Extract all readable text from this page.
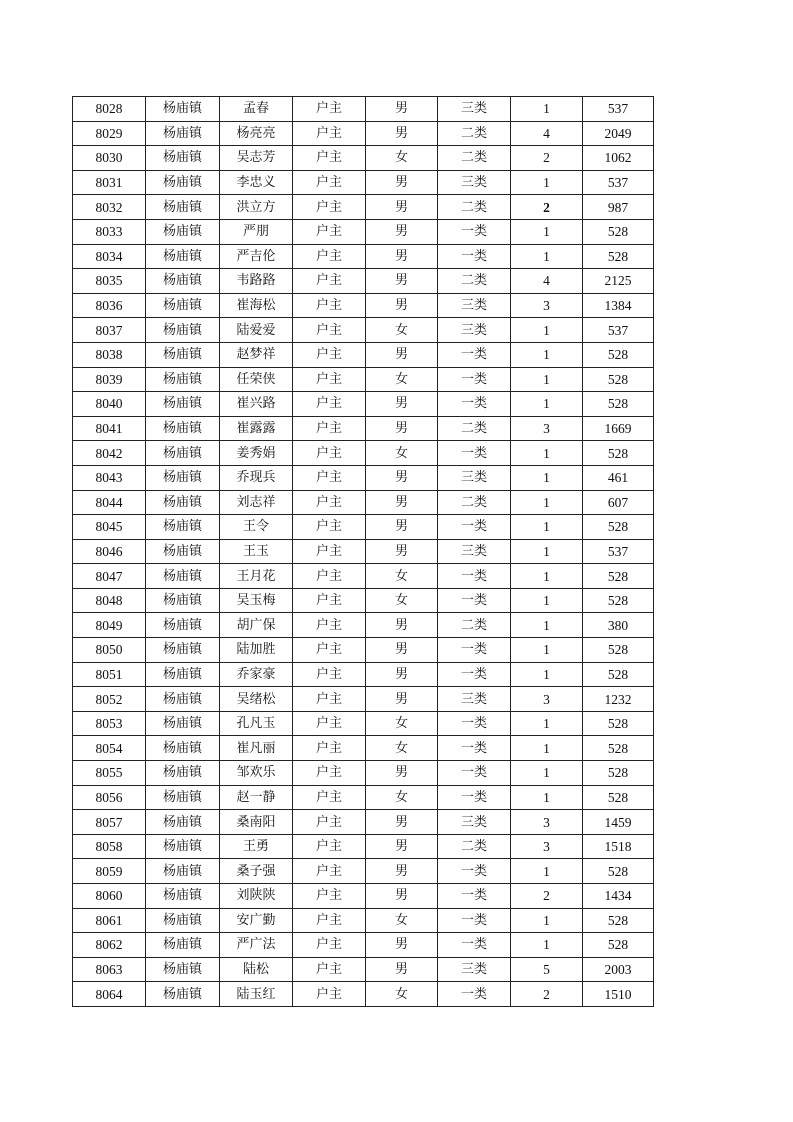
8028	杨庙镇	孟春	户主	男	三类	1	537
8029	杨庙镇	杨亮亮	户主	男	二类	4	2049
8030	杨庙镇	吴志芳	户主	女	二类	2	1062
8031	杨庙镇	李忠义	户主	男	三类	1	537
8032	杨庙镇	洪立方	户主	男	二类	2	987
8033	杨庙镇	严朋	户主	男	一类	1	528
8034	杨庙镇	严吉伦	户主	男	一类	1	528
8035	杨庙镇	韦路路	户主	男	二类	4	2125
8036	杨庙镇	崔海松	户主	男	三类	3	1384
8037	杨庙镇	陆爱爱	户主	女	三类	1	537
8038	杨庙镇	赵梦祥	户主	男	一类	1	528
8039	杨庙镇	任荣侠	户主	女	一类	1	528
8040	杨庙镇	崔兴路	户主	男	一类	1	528
8041	杨庙镇	崔露露	户主	男	二类	3	1669
8042	杨庙镇	姜秀娟	户主	女	一类	1	528
8043	杨庙镇	乔现兵	户主	男	三类	1	461
8044	杨庙镇	刘志祥	户主	男	二类	1	607
8045	杨庙镇	王令	户主	男	一类	1	528
8046	杨庙镇	王玉	户主	男	三类	1	537
8047	杨庙镇	王月花	户主	女	一类	1	528
8048	杨庙镇	吴玉梅	户主	女	一类	1	528
8049	杨庙镇	胡广保	户主	男	二类	1	380
8050	杨庙镇	陆加胜	户主	男	一类	1	528
8051	杨庙镇	乔家豪	户主	男	一类	1	528
8052	杨庙镇	吴绪松	户主	男	三类	3	1232
8053	杨庙镇	孔凡玉	户主	女	一类	1	528
8054	杨庙镇	崔凡丽	户主	女	一类	1	528
8055	杨庙镇	邹欢乐	户主	男	一类	1	528
8056	杨庙镇	赵一静	户主	女	一类	1	528
8057	杨庙镇	桑南阳	户主	男	三类	3	1459
8058	杨庙镇	王勇	户主	男	二类	3	1518
8059	杨庙镇	桑子强	户主	男	一类	1	528
8060	杨庙镇	刘陕陕	户主	男	一类	2	1434
8061	杨庙镇	安广勤	户主	女	一类	1	528
8062	杨庙镇	严广法	户主	男	一类	1	528
8063	杨庙镇	陆松	户主	男	三类	5	2003
8064	杨庙镇	陆玉红	户主	女	一类	2	1510
